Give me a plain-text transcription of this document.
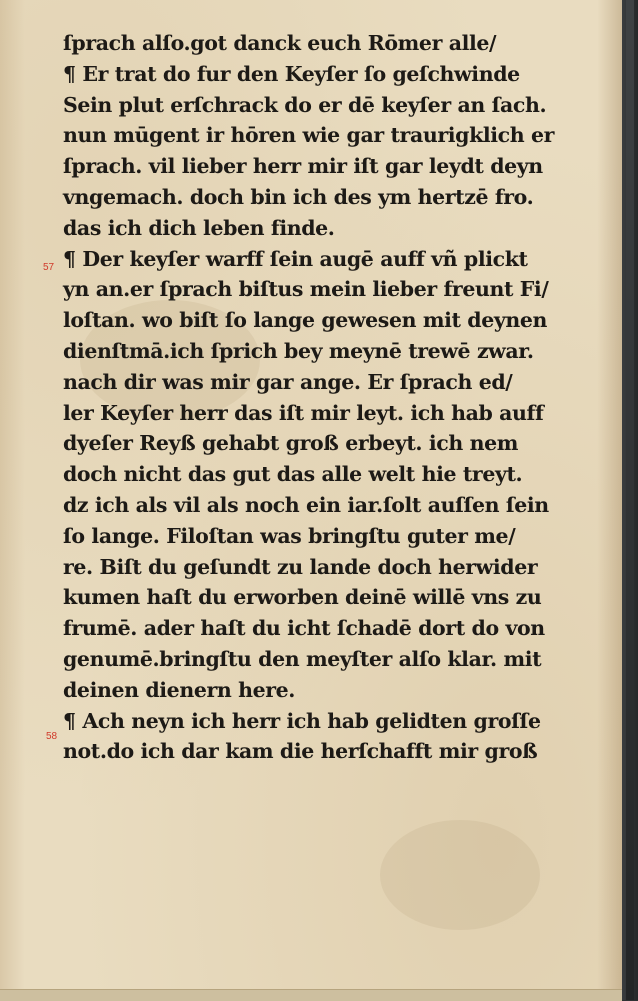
57
58
ſprach alſo.got danck euch Rōmer alle/
¶ Er trat do fur den Keyſer ſo geſchwinde
Sein plut erſchrack do er dē keyſer an ſach.
nun mūgent ir hōren wie gar traurigklich er
ſprach. vil lieber herr mir iſt gar leydt deyn
vngemach. doch bin ich des ym hertzē fro.
das ich dich leben finde.
¶ Der keyſer warff ſein augē auff vñ plickt
yn an.er ſprach biſtus mein lieber freunt Fi/
loſtan. wo biſt ſo lange gewesen mit deynen
dienſtmā.ich ſprich bey meynē trewē zwar.
nach dir was mir gar ange. Er ſprach ed/
ler Keyſer herr das iſt mir leyt. ich hab auff
dyeſer Reyß gehabt groß erbeyt. ich nem
doch nicht das gut das alle welt hie treyt.
dz ich als vil als noch ein iar.ſolt auſſen ſein
ſo lange. Filoſtan was bringſtu guter me/
re. Biſt du geſundt zu lande doch herwider
kumen haſt du erworben deinē willē vns zu
frumē. ader haſt du icht ſchadē dort do von
genumē.bringſtu den meyſter alſo klar. mit
deinen dienern here.
¶ Ach neyn ich herr ich hab gelidten groſſe
not.do ich dar kam die herſchafft mir groß
